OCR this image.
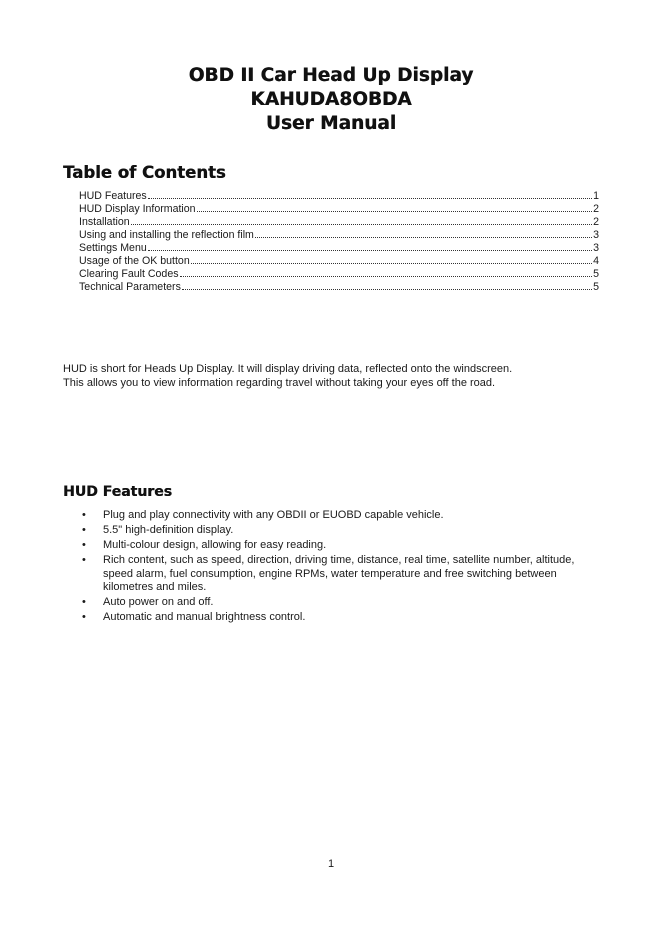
OBD II Car Head Up Display
KAHUDA8OBDA
User Manual
Table of Contents
HUD Features	1
HUD Display Information	2
Installation	2
Using and installing the reflection film	3
Settings Menu	3
Usage of the OK button	4
Clearing Fault Codes	5
Technical Parameters	5

HUD is short for Heads Up Display. It will display driving data, reflected onto the windscreen.
This allows you to view information regarding travel without taking your eyes off the road.

HUD Features
• Plug and play connectivity with any OBDII or EUOBD capable vehicle.
• 5.5" high-definition display.
• Multi-colour design, allowing for easy reading.
• Rich content, such as speed, direction, driving time, distance, real time, satellite number, altitude, speed alarm, fuel consumption, engine RPMs, water temperature and free switching between kilometres and miles.
• Auto power on and off.
• Automatic and manual brightness control.
1
